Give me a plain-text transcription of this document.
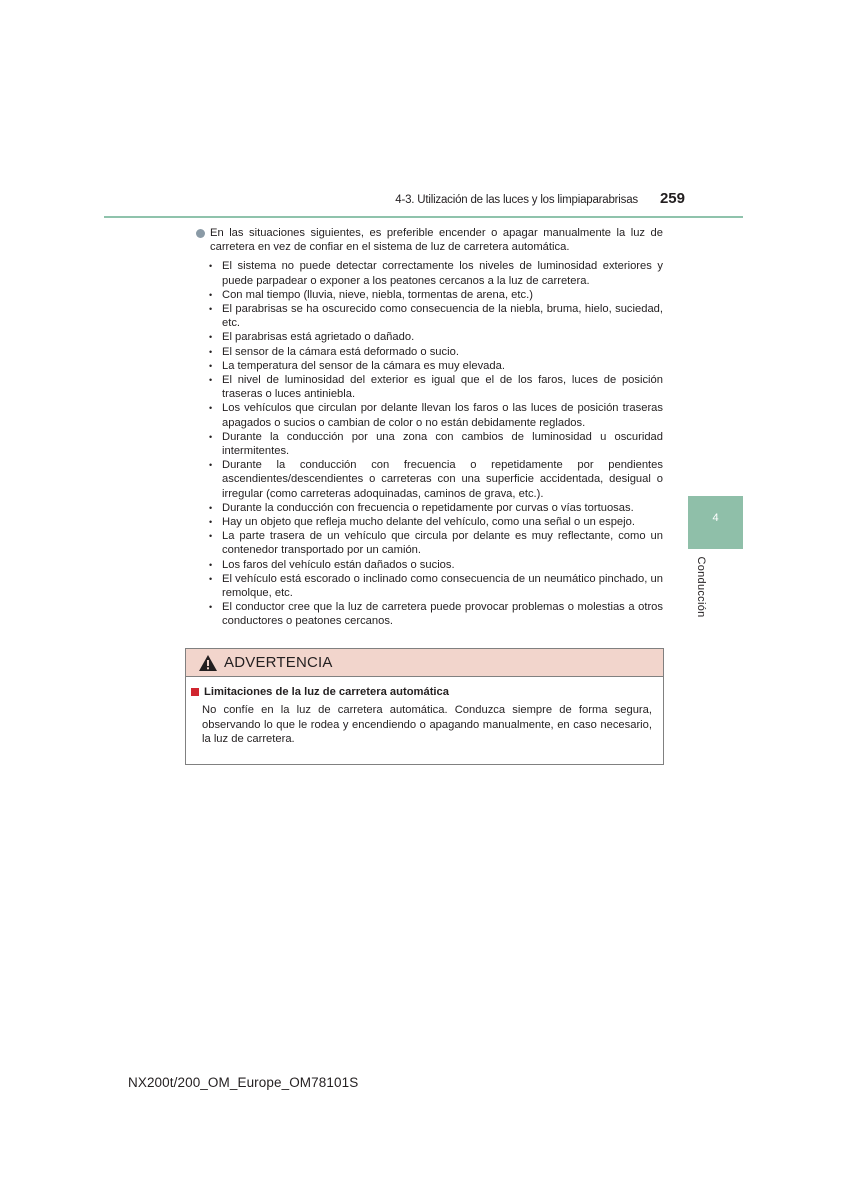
4-3. Utilización de las luces y los limpiaparabrisas 259
4
Conducción
En las situaciones siguientes, es preferible encender o apagar manualmente la luz de carretera en vez de confiar en el sistema de luz de carretera automática.
• El sistema no puede detectar correctamente los niveles de luminosidad exteriores y puede parpadear o exponer a los peatones cercanos a la luz de carretera.
• Con mal tiempo (lluvia, nieve, niebla, tormentas de arena, etc.)
• El parabrisas se ha oscurecido como consecuencia de la niebla, bruma, hielo, suciedad, etc.
• El parabrisas está agrietado o dañado.
• El sensor de la cámara está deformado o sucio.
• La temperatura del sensor de la cámara es muy elevada.
• El nivel de luminosidad del exterior es igual que el de los faros, luces de posición traseras o luces antiniebla.
• Los vehículos que circulan por delante llevan los faros o las luces de posición traseras apagados o sucios o cambian de color o no están debidamente reglados.
• Durante la conducción por una zona con cambios de luminosidad u oscuridad intermitentes.
• Durante la conducción con frecuencia o repetidamente por pendientes ascendientes/descendientes o carreteras con una superficie accidentada, desigual o irregular (como carreteras adoquinadas, caminos de grava, etc.).
• Durante la conducción con frecuencia o repetidamente por curvas o vías tortuosas.
• Hay un objeto que refleja mucho delante del vehículo, como una señal o un espejo.
• La parte trasera de un vehículo que circula por delante es muy reflectante, como un contenedor transportado por un camión.
• Los faros del vehículo están dañados o sucios.
• El vehículo está escorado o inclinado como consecuencia de un neumático pinchado, un remolque, etc.
• El conductor cree que la luz de carretera puede provocar problemas o molestias a otros conductores o peatones cercanos.
ADVERTENCIA
Limitaciones de la luz de carretera automática
No confíe en la luz de carretera automática. Conduzca siempre de forma segura, observando lo que le rodea y encendiendo o apagando manualmente, en caso necesario, la luz de carretera.
NX200t/200_OM_Europe_OM78101S
